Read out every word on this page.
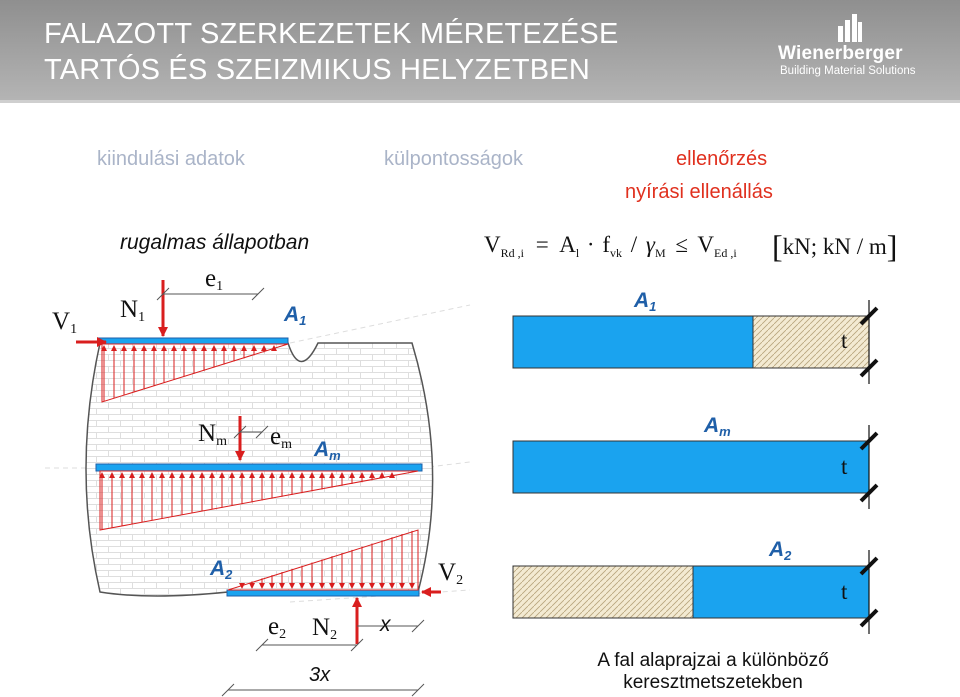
FALAZOTT SZERKEZETEK MÉRETEZÉSE
TARTÓS ÉS SZEIZMIKUS HELYZETBEN
Wienerberger
Building Material Solutions
kiindulási adatok	külpontosságok	ellenőrzés
nyírási ellenállás
rugalmas állapotban
$V_1$
$N_1$
$e_1$
$A_1$
$N_m$ $e_m$ $A_m$
$A_2$	$V_2$
$e_2$ $N_2$ x
3x
$V_{Rd ,i} = A_l \cdot f_{vk} / \gamma_M \le V_{Ed ,i}$ [kN; kN / m]
$A_1$
$A_m$
$A_2$
t
t
t
A fal alaprajzai a különböző
keresztmetszetekben
